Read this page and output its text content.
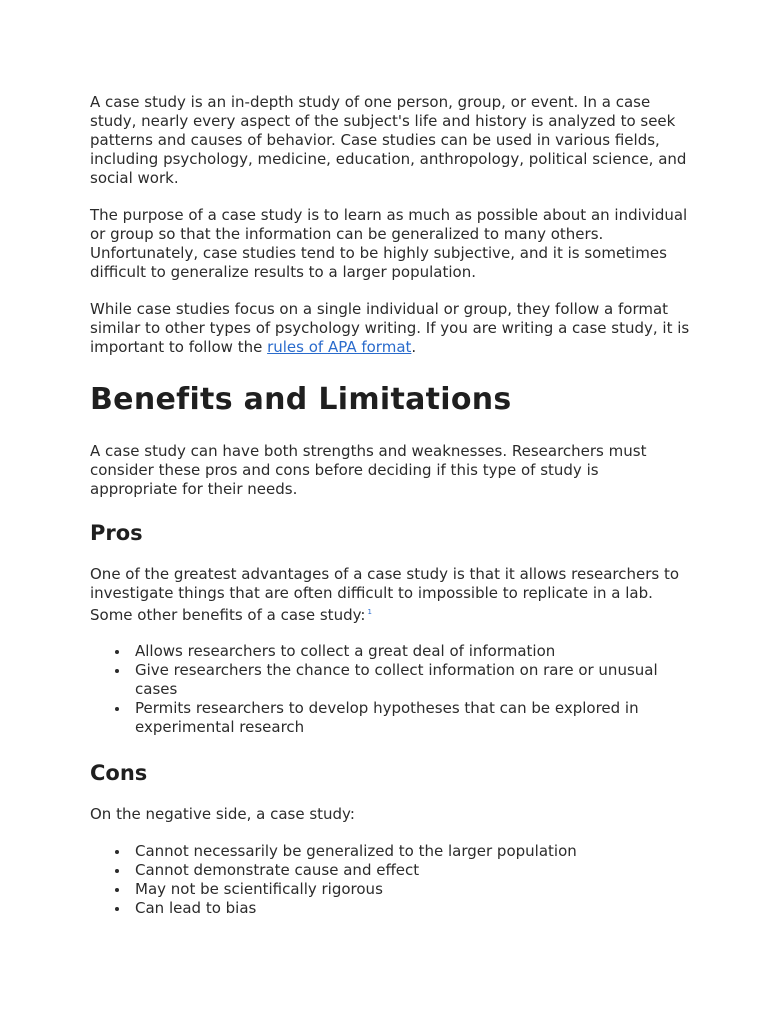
A case study is an in-depth study of one person, group, or event. In a case study, nearly every aspect of the subject's life and history is analyzed to seek patterns and causes of behavior. Case studies can be used in various fields, including psychology, medicine, education, anthropology, political science, and social work.

The purpose of a case study is to learn as much as possible about an individual or group so that the information can be generalized to many others. Unfortunately, case studies tend to be highly subjective, and it is sometimes difficult to generalize results to a larger population.

While case studies focus on a single individual or group, they follow a format similar to other types of psychology writing. If you are writing a case study, it is important to follow the rules of APA format.

Benefits and Limitations

A case study can have both strengths and weaknesses. Researchers must consider these pros and cons before deciding if this type of study is appropriate for their needs.

Pros

One of the greatest advantages of a case study is that it allows researchers to investigate things that are often difficult to impossible to replicate in a lab. Some other benefits of a case study: $^1$

Allows researchers to collect a great deal of information
Give researchers the chance to collect information on rare or unusual cases
Permits researchers to develop hypotheses that can be explored in experimental research
Cons

On the negative side, a case study:

Cannot necessarily be generalized to the larger population
Cannot demonstrate cause and effect
May not be scientifically rigorous
Can lead to bias
